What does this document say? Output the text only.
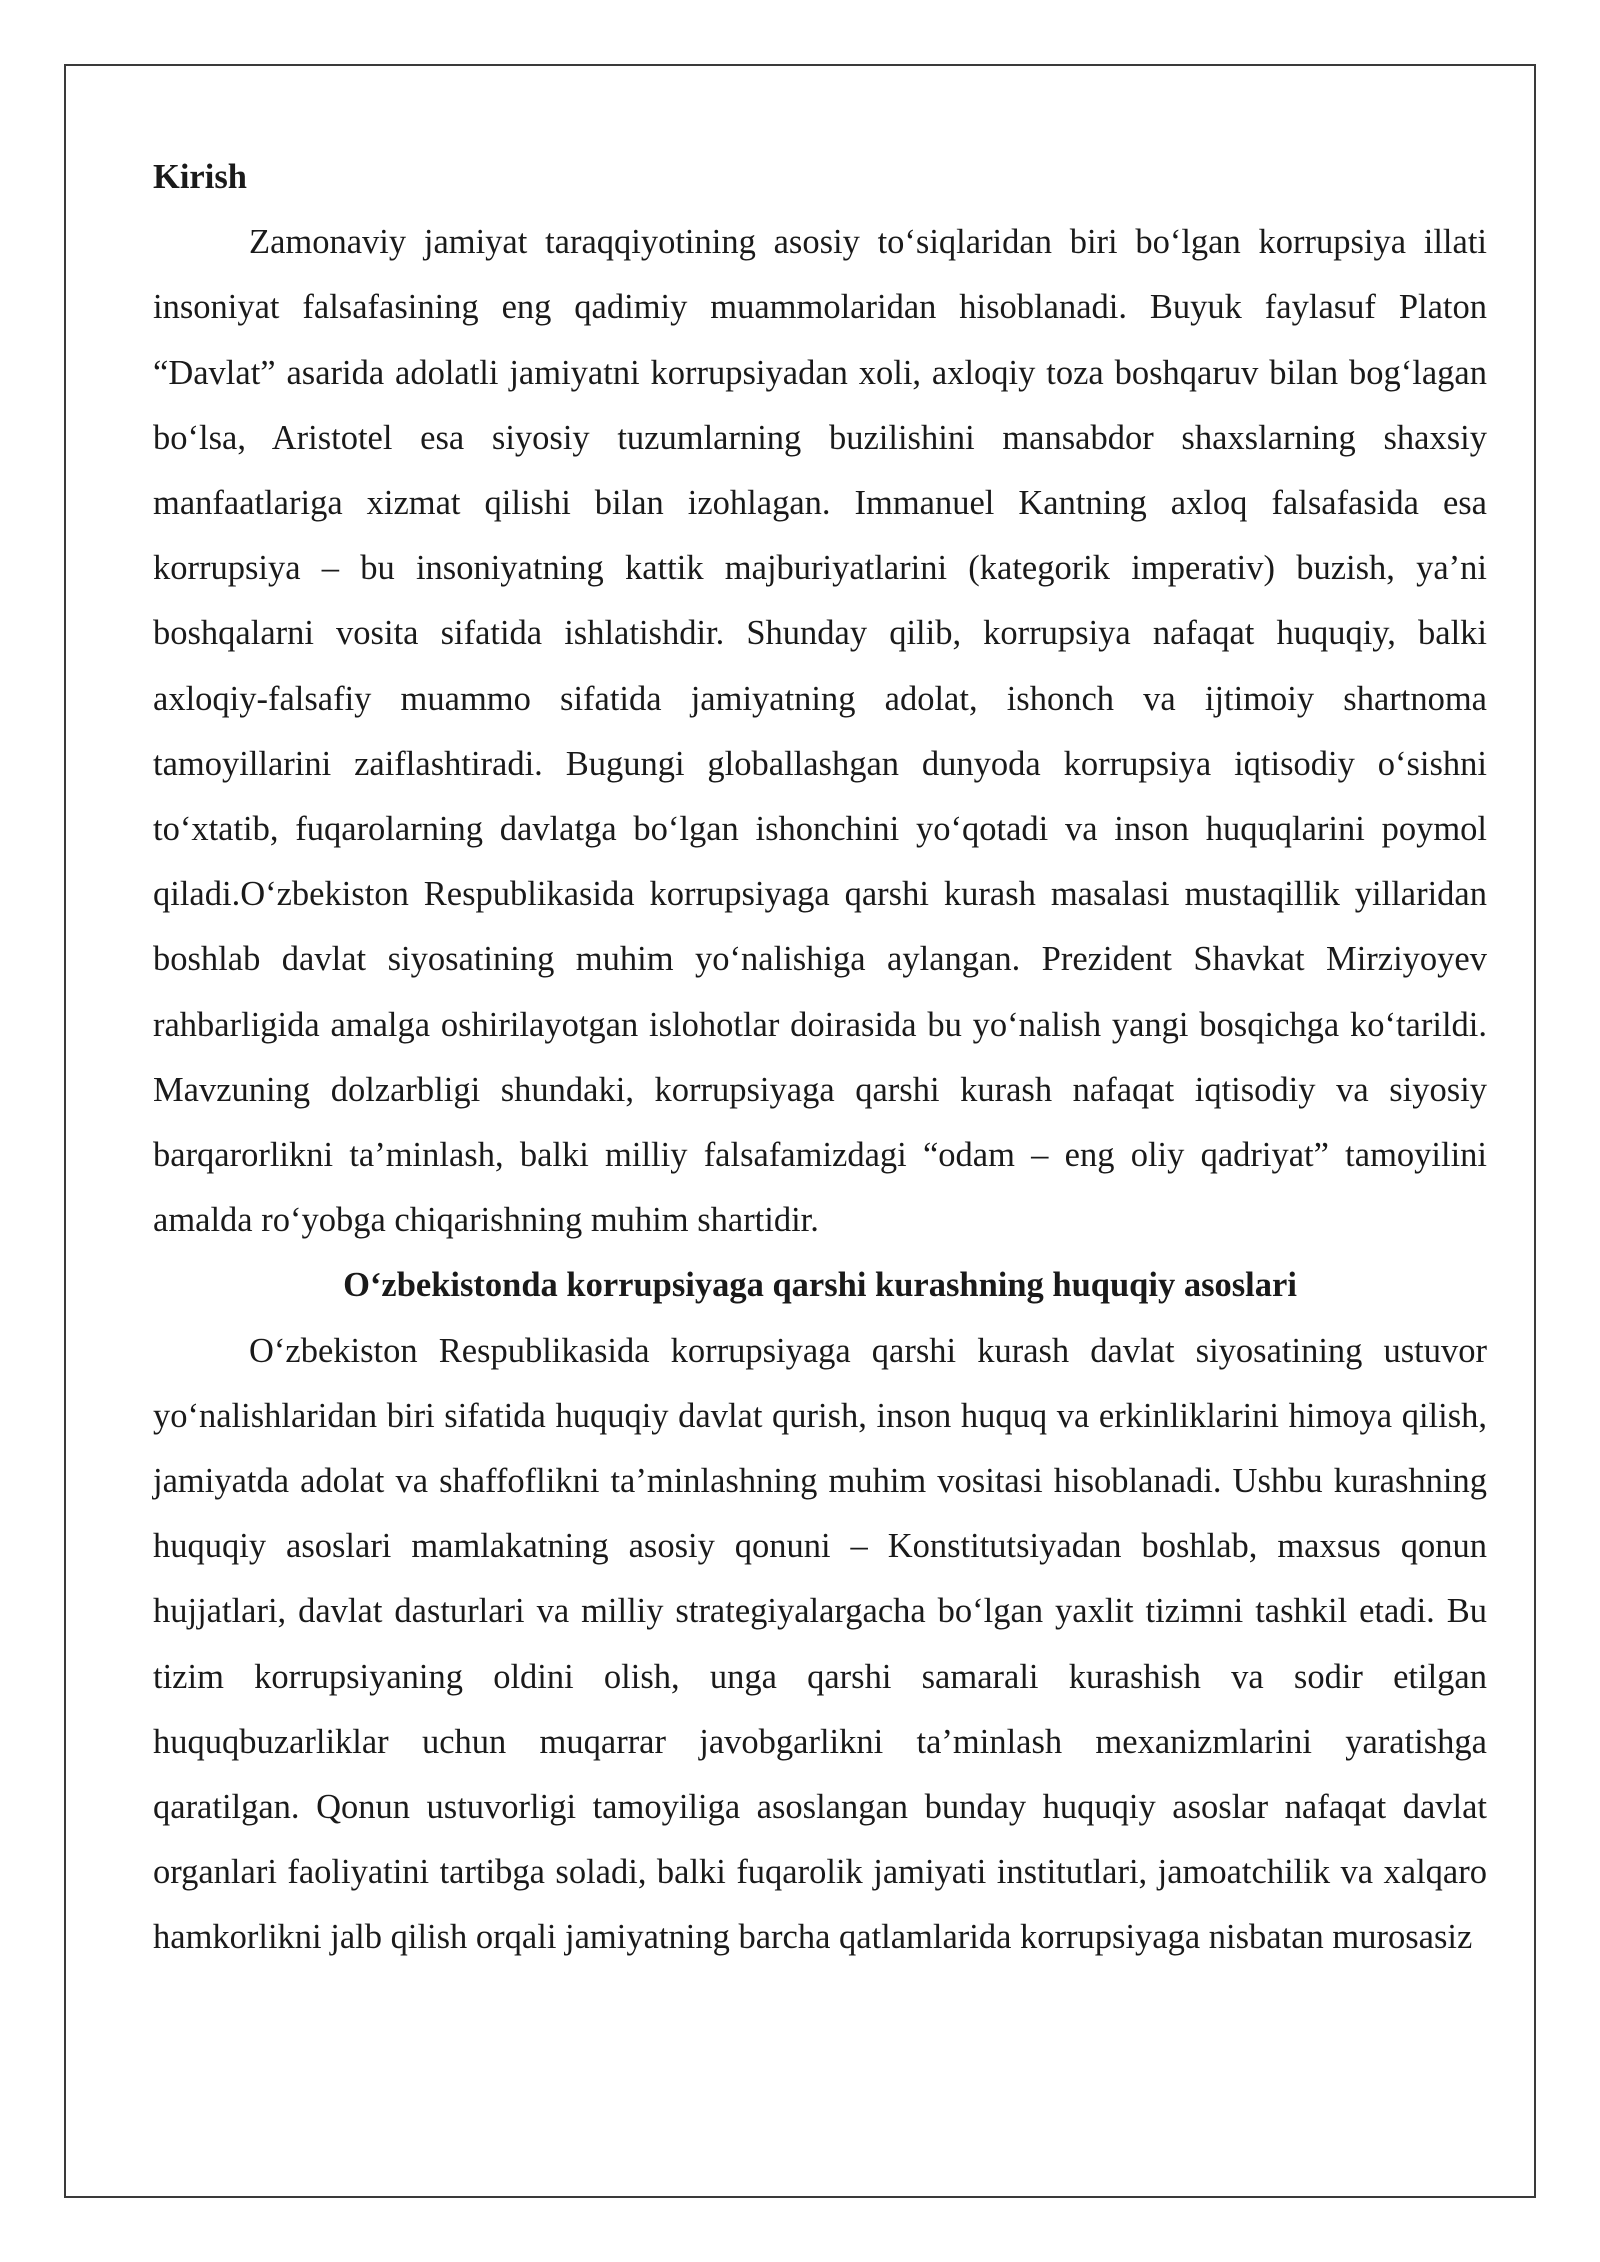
Kirish

Zamonaviy jamiyat taraqqiyotining asosiy to‘siqlaridan biri bo‘lgan korrupsiya illati insoniyat falsafasining eng qadimiy muammolaridan hisoblanadi. Buyuk faylasuf Platon “Davlat” asarida adolatli jamiyatni korrupsiyadan xoli, axloqiy toza boshqaruv bilan bog‘lagan bo‘lsa, Aristotel esa siyosiy tuzumlarning buzilishini mansabdor shaxslarning shaxsiy manfaatlariga xizmat qilishi bilan izohlagan. Immanuel Kantning axloq falsafasida esa korrupsiya – bu insoniyatning kattik majburiyatlarini (kategorik imperativ) buzish, ya’ni boshqalarni vosita sifatida ishlatishdir. Shunday qilib, korrupsiya nafaqat huquqiy, balki axloqiy-falsafiy muammo sifatida jamiyatning adolat, ishonch va ijtimoiy shartnoma tamoyillarini zaiflashtiradi. Bugungi globallashgan dunyoda korrupsiya iqtisodiy o‘sishni to‘xtatib, fuqarolarning davlatga bo‘lgan ishonchini yo‘qotadi va inson huquqlarini poymol qiladi.O‘zbekiston Respublikasida korrupsiyaga qarshi kurash masalasi mustaqillik yillaridan boshlab davlat siyosatining muhim yo‘nalishiga aylangan. Prezident Shavkat Mirziyoyev rahbarligida amalga oshirilayotgan islohotlar doirasida bu yo‘nalish yangi bosqichga ko‘tarildi. Mavzuning dolzarbligi shundaki, korrupsiyaga qarshi kurash nafaqat iqtisodiy va siyosiy barqarorlikni ta’minlash, balki milliy falsafamizdagi “odam – eng oliy qadriyat” tamoyilini amalda ro‘yobga chiqarishning muhim shartidir.

O‘zbekistonda korrupsiyaga qarshi kurashning huquqiy asoslari

O‘zbekiston Respublikasida korrupsiyaga qarshi kurash davlat siyosatining ustuvor yo‘nalishlaridan biri sifatida huquqiy davlat qurish, inson huquq va erkinliklarini himoya qilish, jamiyatda adolat va shaffoflikni ta’minlashning muhim vositasi hisoblanadi. Ushbu kurashning huquqiy asoslari mamlakatning asosiy qonuni – Konstitutsiyadan boshlab, maxsus qonun hujjatlari, davlat dasturlari va milliy strategiyalargacha bo‘lgan yaxlit tizimni tashkil etadi. Bu tizim korrupsiyaning oldini olish, unga qarshi samarali kurashish va sodir etilgan huquqbuzarliklar uchun muqarrar javobgarlikni ta’minlash mexanizmlarini yaratishga qaratilgan. Qonun ustuvorligi tamoyiliga asoslangan bunday huquqiy asoslar nafaqat davlat organlari faoliyatini tartibga soladi, balki fuqarolik jamiyati institutlari, jamoatchilik va xalqaro hamkorlikni jalb qilish orqali jamiyatning barcha qatlamlarida korrupsiyaga nisbatan murosasiz
